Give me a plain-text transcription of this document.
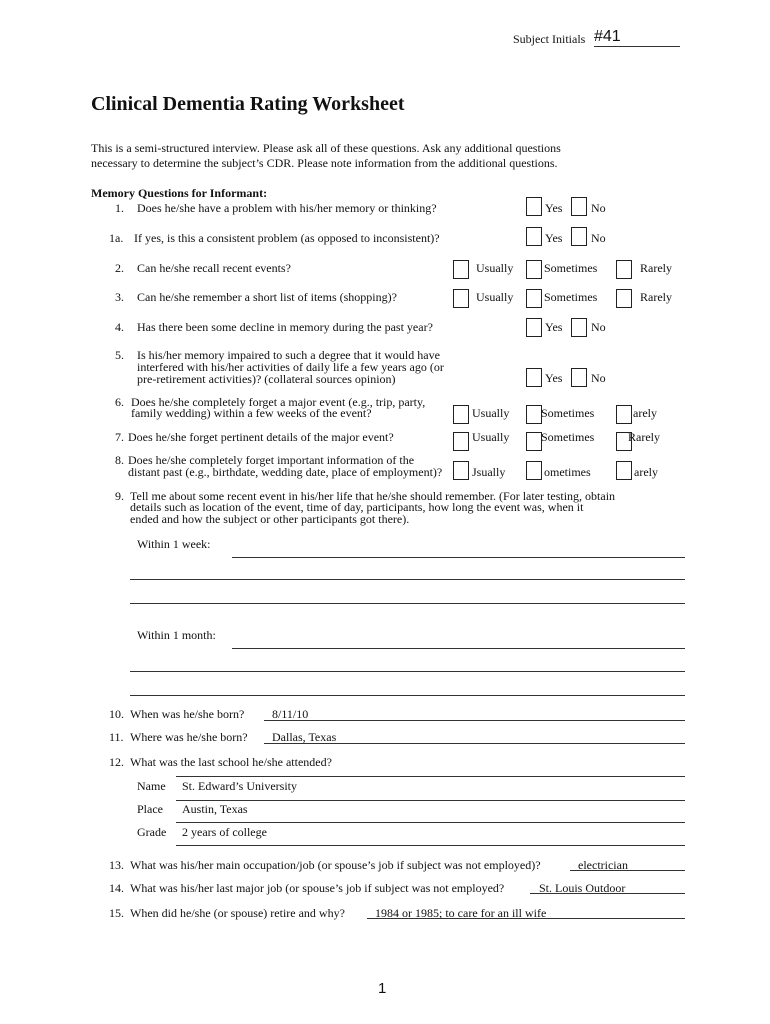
Subject Initials #41
Clinical Dementia Rating Worksheet
This is a semi-structured interview. Please ask all of these questions. Ask any additional questions
necessary to determine the subject’s CDR. Please note information from the additional questions.
Memory Questions for Informant:
1. Does he/she have a problem with his/her memory or thinking?	Yes No
1a. If yes, is this a consistent problem (as opposed to inconsistent)?	Yes No
2. Can he/she recall recent events?	Usually	Sometimes	Rarely
3. Can he/she remember a short list of items (shopping)?	Usually	Sometimes	Rarely
4. Has there been some decline in memory during the past year?	Yes No
5. Is his/her memory impaired to such a degree that it would have
interfered with his/her activities of daily life a few years ago (or
pre-retirement activities)? (collateral sources opinion)	Yes No
6. Does he/she completely forget a major event (e.g., trip, party,
family wedding) within a few weeks of the event?	Usually	Sometimes	arely
7. Does he/she forget pertinent details of the major event?	Usually	Sometimes	Rarely
8. Does he/she completely forget important information of the
distant past (e.g., birthdate, wedding date, place of employment)? Jsually	ometimes	arely
9. Tell me about some recent event in his/her life that he/she should remember. (For later testing, obtain
details such as location of the event, time of day, participants, how long the event was, when it
ended and how the subject or other participants got there).
Within 1 week:
Within 1 month:
10. When was he/she born? 8/11/10
11. Where was he/she born? Dallas, Texas
12. What was the last school he/she attended?
Name St. Edward’s University
Place Austin, Texas
Grade 2 years of college
13. What was his/her main occupation/job (or spouse’s job if subject was not employed)?	electrician
14. What was his/her last major job (or spouse’s job if subject was not employed?	St. Louis Outdoor
15. When did he/she (or spouse) retire and why?	1984 or 1985; to care for an ill wife
1
